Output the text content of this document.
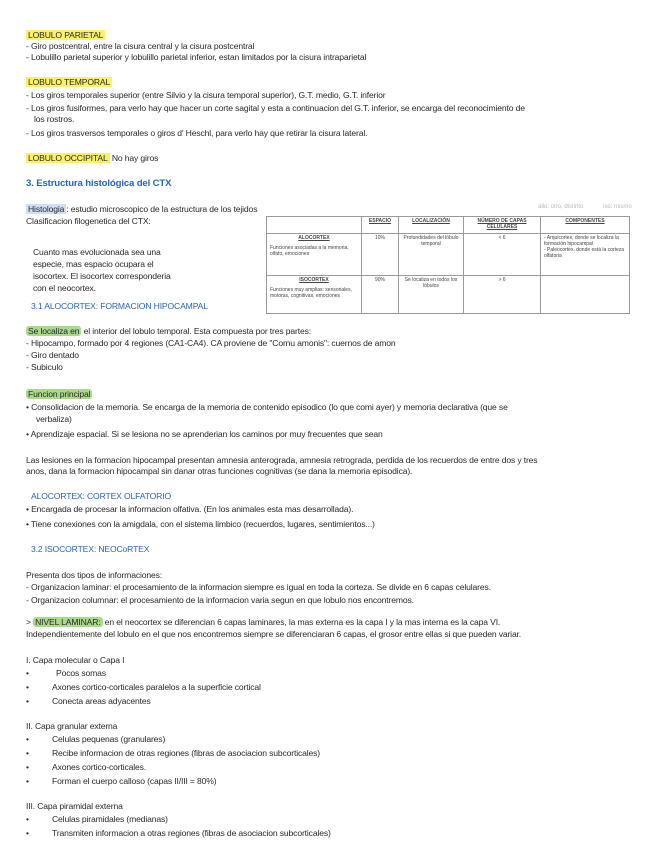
LOBULO PARIETAL
- Giro postcentral, entre la cisura central y la cisura postcentral
- Lobulillo parietal superior y lobulillo parietal inferior, estan limitados por la cisura intraparietal
LOBULO TEMPORAL
- Los giros temporales superior (entre Silvio y la cisura temporal superior), G.T. medio, G.T. inferior
- Los giros fusiformes, para verlo hay que hacer un corte sagital y esta a continuacion del G.T. inferior, se encarga del reconocimiento de
los rostros.
- Los giros trasversos temporales o giros d' Heschl, para verlo hay que retirar la cisura lateral.
LOBULO OCCIPITAL No hay giros
3. Estructura histológica del CTX
Histologia : estudio microscopico de la estructura de los tejidos	allo: otro, distinto	iso: mismo
Clasificacion filogenetica del CTX:
Cuanto mas evolucionada sea una
especie, mas espacio ocupara el
isocortex. El isocortex corresponderia
con el neocortex.
	ESPACIO	LOCALIZACIÓN	NÚMERO DE CAPAS CELULARES	COMPONENTES

ALOCORTEX
Funciones asociadas a la memoria, olfato, emociones	10%	Profundidades del lóbulo temporal	< 6	- Arquicortex, donde se localiza la formación hipocampal
- Paleocortex, donde está la corteza olfatoria

ISOCORTEX
Funciones muy amplias: sensoriales, motoras, cognitivas, emociones	90%	Se localiza en todos los lóbulos	> 6	
3.1 ALOCORTEX: FORMACION HIPOCAMPAL
Se localiza en el interior del lobulo temporal. Esta compuesta por tres partes:
- Hipocampo, formado por 4 regiones (CA1-CA4). CA proviene de "Cornu amonis": cuernos de amon
- Giro dentado
- Subiculo
Funcion principal
• Consolidacion de la memoria. Se encarga de la memoria de contenido episodico (lo que comi ayer) y memoria declarativa (que se
verbaliza)
• Aprendizaje espacial. Si se lesiona no se aprenderian los caminos por muy frecuentes que sean
Las lesiones en la formacion hipocampal presentan amnesia anterograda, amnesia retrograda, perdida de los recuerdos de entre dos y tres
anos, dana la formacion hipocampal sin danar otras funciones cognitivas (se dana la memoria episodica).
ALOCORTEX: CORTEX OLFATORIO
• Encargada de procesar la informacion olfativa. (En los animales esta mas desarrollada).
• Tiene conexiones con la amigdala, con el sistema limbico (recuerdos, lugares, sentimientos...)
3.2 ISOCORTEX: NEOCoRTEX
Presenta dos tipos de informaciones:
- Organizacion laminar: el procesamiento de la informacion siempre es igual en toda la corteza. Se divide en 6 capas celulares.
- Organizacion columnar: el procesamiento de la informacion varia segun en que lobulo nos encontremos.
> NIVEL LAMINAR: en el neocortex se diferencian 6 capas laminares, la mas externa es la capa I y la mas interna es la capa VI.
Independientemente del lobulo en el que nos encontremos siempre se diferenciaran 6 capas, el grosor entre ellas si que pueden variar.
I. Capa molecular o Capa I
•	Pocos somas
•	Axones cortico-corticales paralelos a la superficie cortical
•	Conecta areas adyacentes
II. Capa granular externa
•	Celulas pequenas (granulares)
•	Recibe informacion de otras regiones (fibras de asociacion subcorticales)
•	Axones cortico-corticales.
•	Forman el cuerpo calloso (capas II/III = 80%)
III. Capa piramidal externa
•	Celulas piramidales (medianas)
•	Transmiten informacion a otras regiones (fibras de asociacion subcorticales)
